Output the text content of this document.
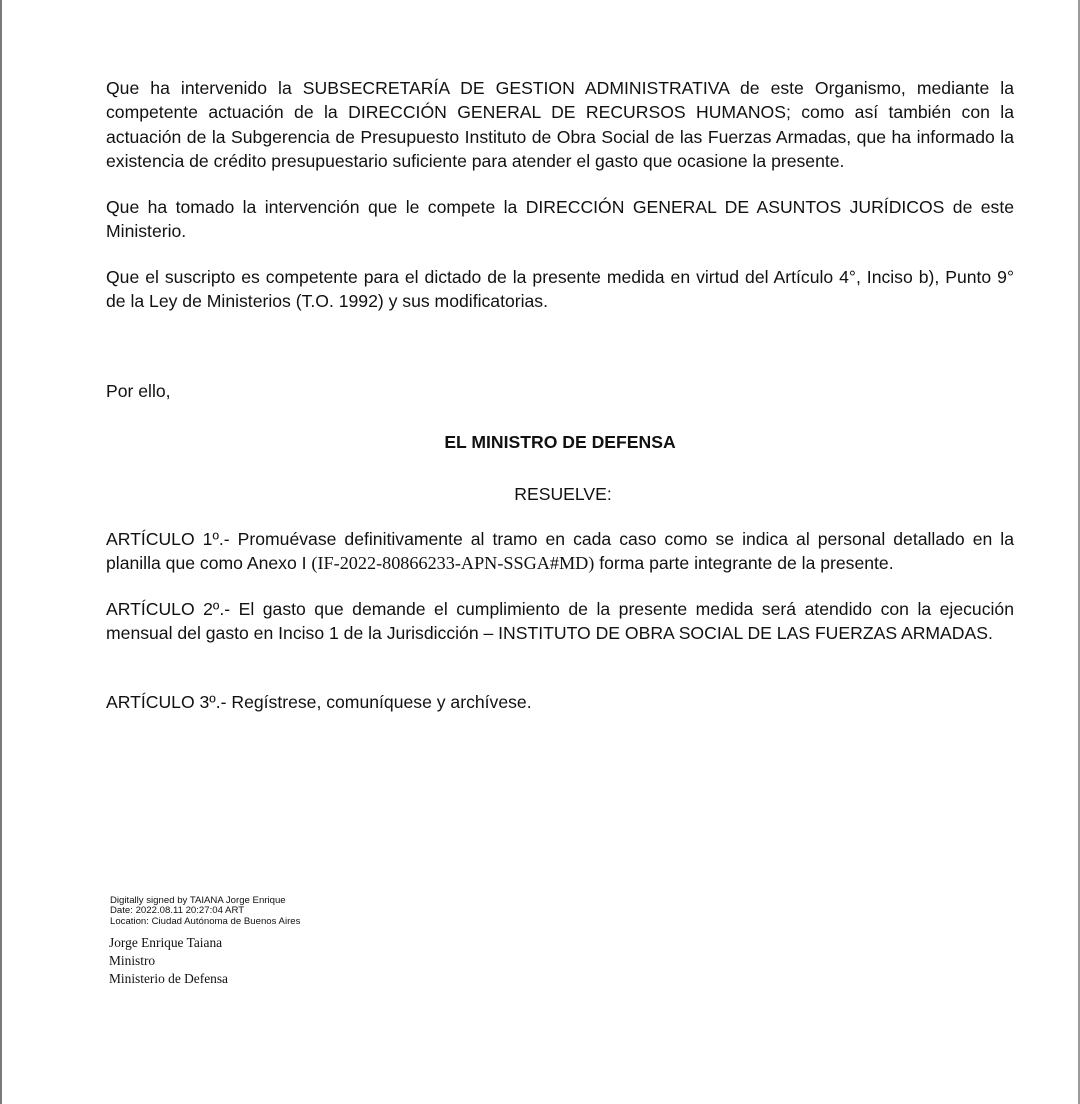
Que ha intervenido la SUBSECRETARÍA DE GESTION ADMINISTRATIVA de este Organismo, mediante la competente actuación de la DIRECCIÓN GENERAL DE RECURSOS HUMANOS; como así también con la actuación de la Subgerencia de Presupuesto Instituto de Obra Social de las Fuerzas Armadas, que ha informado la existencia de crédito presupuestario suficiente para atender el gasto que ocasione la presente.

Que ha tomado la intervención que le compete la DIRECCIÓN GENERAL DE ASUNTOS JURÍDICOS de este Ministerio.

Que el suscripto es competente para el dictado de la presente medida en virtud del Artículo 4°, Inciso b), Punto 9° de la Ley de Ministerios (T.O. 1992) y sus modificatorias.

Por ello,

EL MINISTRO DE DEFENSA

RESUELVE:

ARTÍCULO 1º.- Promuévase definitivamente al tramo en cada caso como se indica al personal detallado en la planilla que como Anexo I (IF-2022-80866233-APN-SSGA#MD) forma parte integrante de la presente.

ARTÍCULO 2º.- El gasto que demande el cumplimiento de la presente medida será atendido con la ejecución mensual del gasto en Inciso 1 de la Jurisdicción – INSTITUTO DE OBRA SOCIAL DE LAS FUERZAS ARMADAS.

ARTÍCULO 3º.- Regístrese, comuníquese y archívese.

Digitally signed by TAIANA Jorge Enrique
Date: 2022.08.11 20:27:04 ART
Location: Ciudad Autónoma de Buenos Aires
Jorge Enrique Taiana
Ministro
Ministerio de Defensa
